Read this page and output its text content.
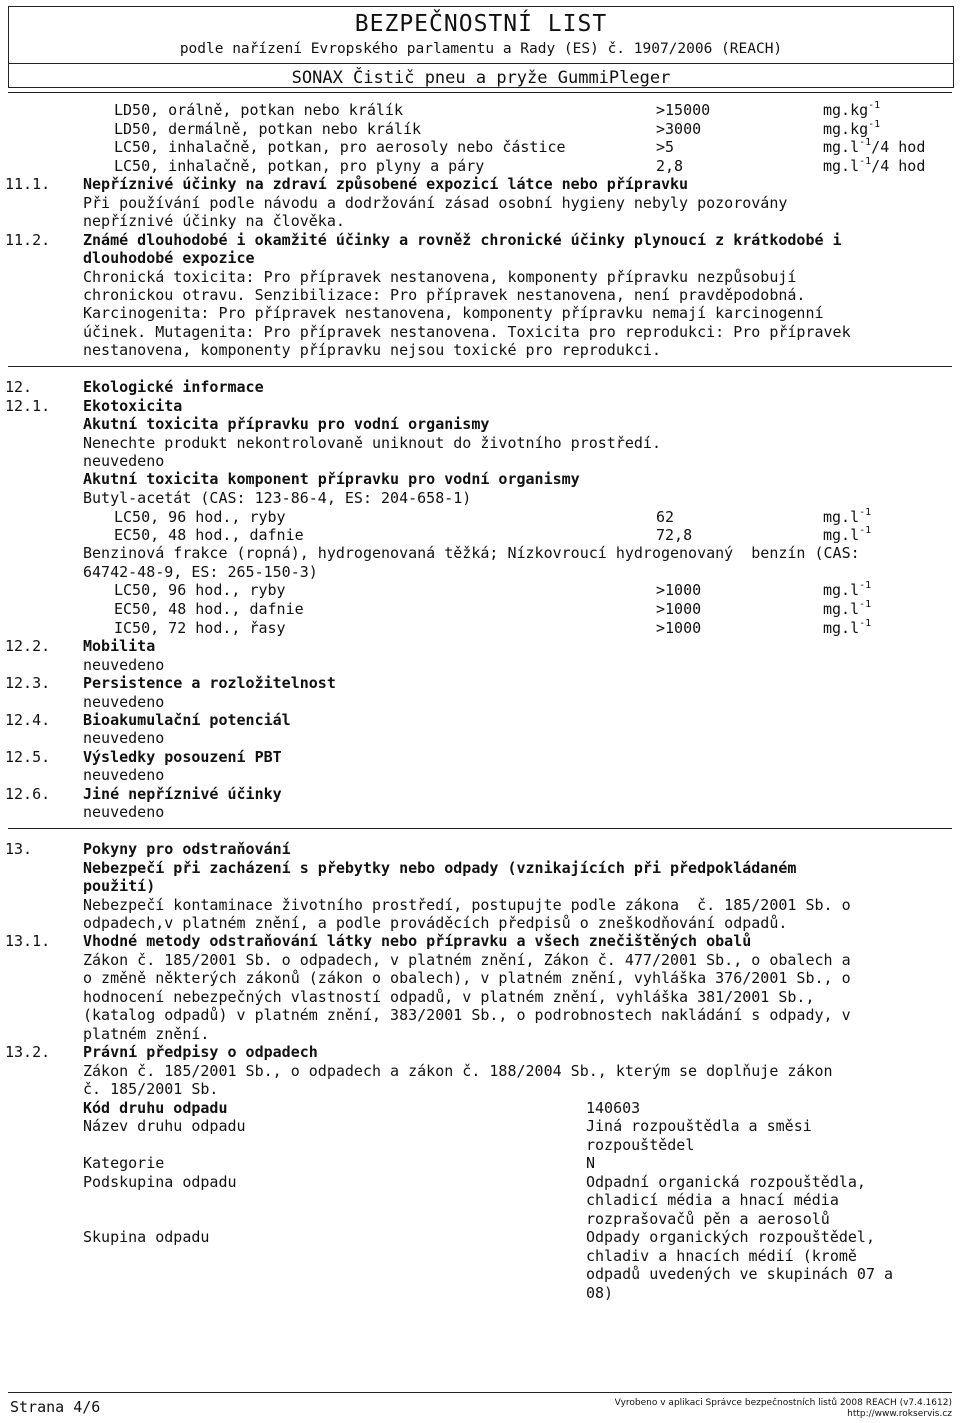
BEZPEČNOSTNÍ LIST
podle nařízení Evropského parlamentu a Rady (ES) č. 1907/2006 (REACH)
SONAX Čistič pneu a pryže GummiPleger
LD50, orálně, potkan nebo králík	>15000	$mg.kg^{-1}$
LD50, dermálně, potkan nebo králík	>3000	$mg.kg^{-1}$
LC50, inhalačně, potkan, pro aerosoly nebo částice	>5	$mg.l^{-1}/4$ hod
LC50, inhalačně, potkan, pro plyny a páry	2,8	$mg.l^{-1}/4$ hod
11.1. Nepříznivé účinky na zdraví způsobené expozicí látce nebo přípravku
Při používání podle návodu a dodržování zásad osobní hygieny nebyly pozorovány
nepříznivé účinky na člověka.
11.2. Známé dlouhodobé i okamžité účinky a rovněž chronické účinky plynoucí z krátkodobé i
dlouhodobé expozice
Chronická toxicita: Pro přípravek nestanovena, komponenty přípravku nezpůsobují
chronickou otravu. Senzibilizace: Pro přípravek nestanovena, není pravděpodobná.
Karcinogenita: Pro přípravek nestanovena, komponenty přípravku nemají karcinogenní
účinek. Mutagenita: Pro přípravek nestanovena. Toxicita pro reprodukci: Pro přípravek
nestanovena, komponenty přípravku nejsou toxické pro reprodukci.
12.	Ekologické informace
12.1. Ekotoxicita
Akutní toxicita přípravku pro vodní organismy
Nenechte produkt nekontrolovaně uniknout do životního prostředí.
neuvedeno
Akutní toxicita komponent přípravku pro vodní organismy
Butyl-acetát (CAS: 123-86-4, ES: 204-658-1)
LC50, 96 hod., ryby	62	$mg.l^{-1}$
EC50, 48 hod., dafnie	72,8	$mg.l^{-1}$
Benzinová frakce (ropná), hydrogenovaná těžká; Nízkovroucí hydrogenovaný  benzín (CAS:
64742-48-9, ES: 265-150-3)
LC50, 96 hod., ryby	>1000	$mg.l^{-1}$
EC50, 48 hod., dafnie	>1000	$mg.l^{-1}$
IC50, 72 hod., řasy	>1000	$mg.l^{-1}$
12.2. Mobilita
neuvedeno
12.3. Persistence a rozložitelnost
neuvedeno
12.4. Bioakumulační potenciál
neuvedeno
12.5. Výsledky posouzení PBT
neuvedeno
12.6. Jiné nepříznivé účinky
neuvedeno
13.	Pokyny pro odstraňování
Nebezpečí při zacházení s přebytky nebo odpady (vznikajících při předpokládaném
použití)
Nebezpečí kontaminace životního prostředí, postupujte podle zákona  č. 185/2001 Sb. o
odpadech,v platném znění, a podle prováděcích předpisů o zneškodňování odpadů.
13.1. Vhodné metody odstraňování látky nebo přípravku a všech znečištěných obalů
Zákon č. 185/2001 Sb. o odpadech, v platném znění, Zákon č. 477/2001 Sb., o obalech a
o změně některých zákonů (zákon o obalech), v platném znění, vyhláška 376/2001 Sb., o
hodnocení nebezpečných vlastností odpadů, v platném znění, vyhláška 381/2001 Sb.,
(katalog odpadů) v platném znění, 383/2001 Sb., o podrobnostech nakládání s odpady, v
platném znění.
13.2. Právní předpisy o odpadech
Zákon č. 185/2001 Sb., o odpadech a zákon č. 188/2004 Sb., kterým se doplňuje zákon
č. 185/2001 Sb.
Kód druhu odpadu	140603
Název druhu odpadu	Jiná rozpouštědla a směsi
rozpouštědel
Kategorie	N
Podskupina odpadu	Odpadní organická rozpouštědla,
chladicí média a hnací média
rozprašovačů pěn a aerosolů
Skupina odpadu	Odpady organických rozpouštědel,
chladiv a hnacích médií (kromě
odpadů uvedených ve skupinách 07 a
08)
Strana 4/6	Vyrobeno v aplikaci Správce bezpečnostních listů 2008 REACH (v7.4.1612)
http://www.rokservis.cz
